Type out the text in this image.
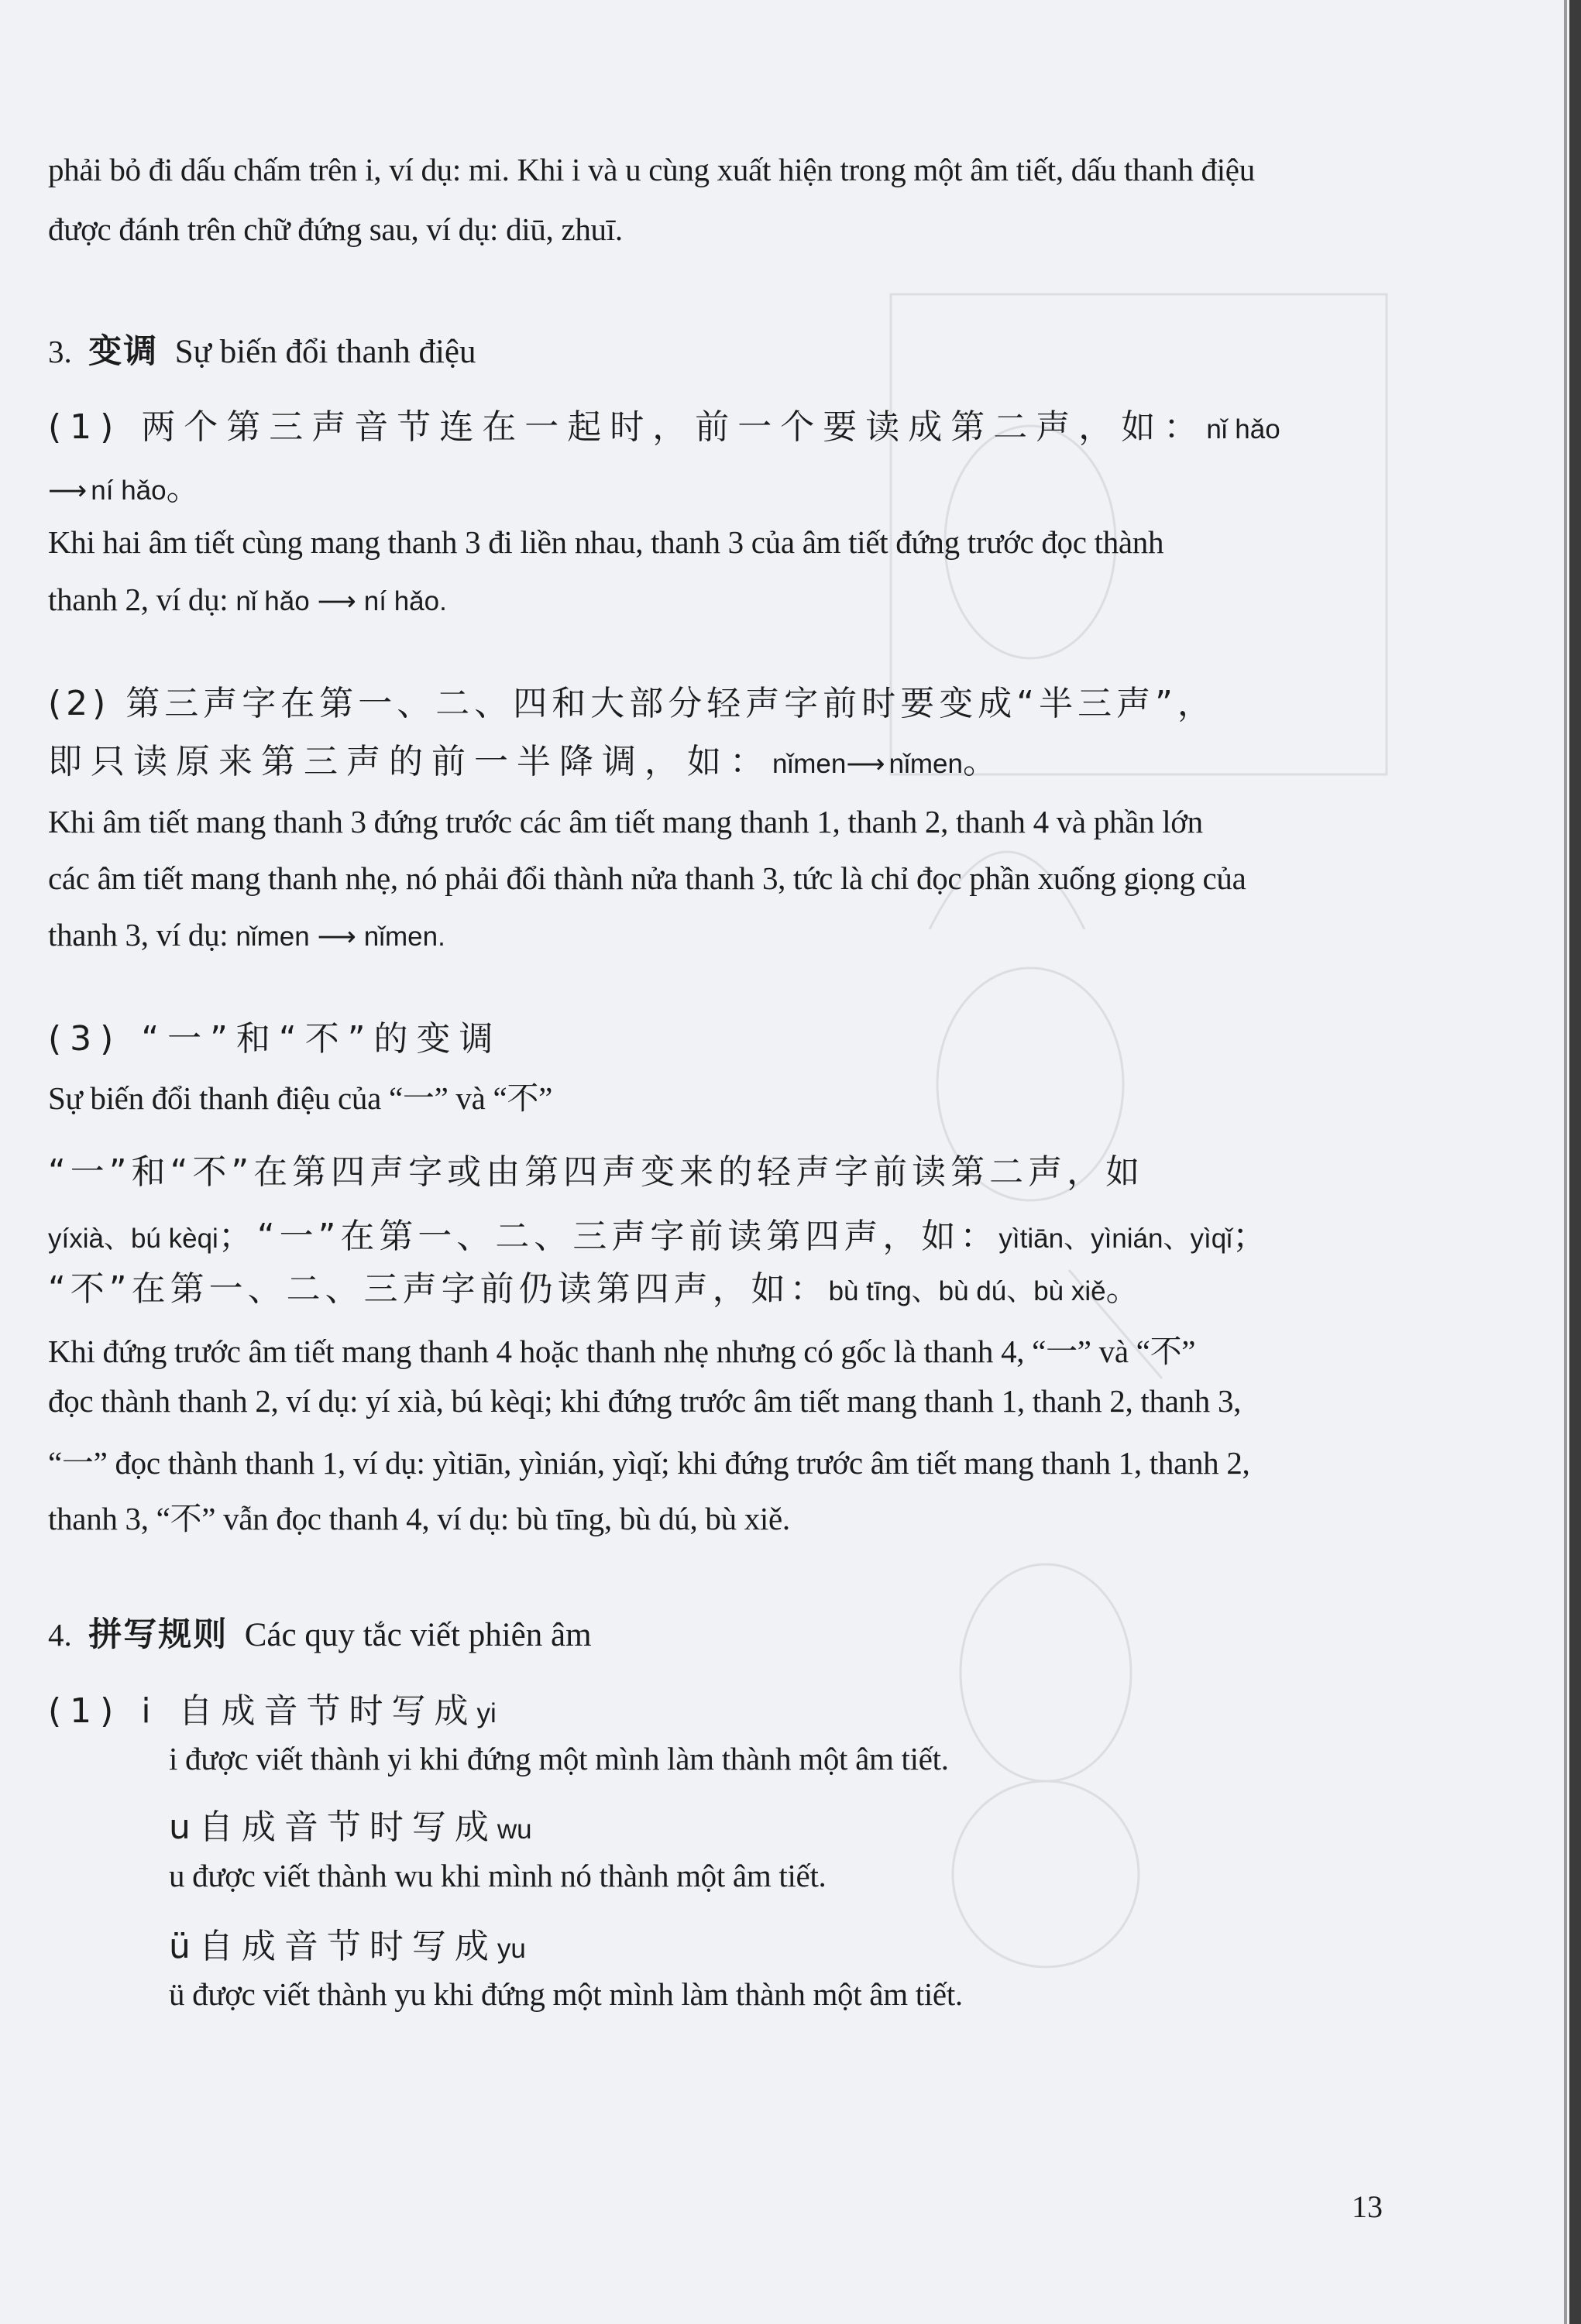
phải bỏ đi dấu chấm trên i, ví dụ: mi. Khi i và u cùng xuất hiện trong một âm tiết, dấu thanh điệu
được đánh trên chữ đứng sau, ví dụ: diū, zhuī.
3. 变调 Sự biến đổi thanh điệu
(1) 两个第三声音节连在一起时，前一个要读成第二声，如：nǐ hǎo
⟶ ní hǎo。
Khi hai âm tiết cùng mang thanh 3 đi liền nhau, thanh 3 của âm tiết đứng trước đọc thành
thanh 2, ví dụ: nǐ hǎo ⟶ ní hǎo.
(2) 第三声字在第一、二、四和大部分轻声字前时要变成“半三声”，
即只读原来第三声的前一半降调，如：nǐmen⟶ nǐmen。
Khi âm tiết mang thanh 3 đứng trước các âm tiết mang thanh 1, thanh 2, thanh 4 và phần lớn
các âm tiết mang thanh nhẹ, nó phải đổi thành nửa thanh 3, tức là chỉ đọc phần xuống giọng của
thanh 3, ví dụ: nǐmen ⟶ nǐmen.
(3) “一”和“不”的变调
Sự biến đổi thanh điệu của “一” và “不”
“一”和“不”在第四声字或由第四声变来的轻声字前读第二声，如
yíxià、bú kèqi；“一”在第一、二、三声字前读第四声，如：yìtiān、yìnián、yìqǐ；
“不”在第一、二、三声字前仍读第四声，如：bù tīng、bù dú、bù xiě。
Khi đứng trước âm tiết mang thanh 4 hoặc thanh nhẹ nhưng có gốc là thanh 4, “一” và “不”
đọc thành thanh 2, ví dụ: yí xià, bú kèqi; khi đứng trước âm tiết mang thanh 1, thanh 2, thanh 3,
“一” đọc thành thanh 1, ví dụ: yìtiān, yìnián, yìqǐ; khi đứng trước âm tiết mang thanh 1, thanh 2,
thanh 3, “不” vẫn đọc thanh 4, ví dụ: bù tīng, bù dú, bù xiě.
4. 拼写规则 Các quy tắc viết phiên âm
(1) i 自成音节时写成yi
i được viết thành yi khi đứng một mình làm thành một âm tiết.
u自成音节时写成wu
u được viết thành wu khi mình nó thành một âm tiết.
ü自成音节时写成yu
ü được viết thành yu khi đứng một mình làm thành một âm tiết.
13
